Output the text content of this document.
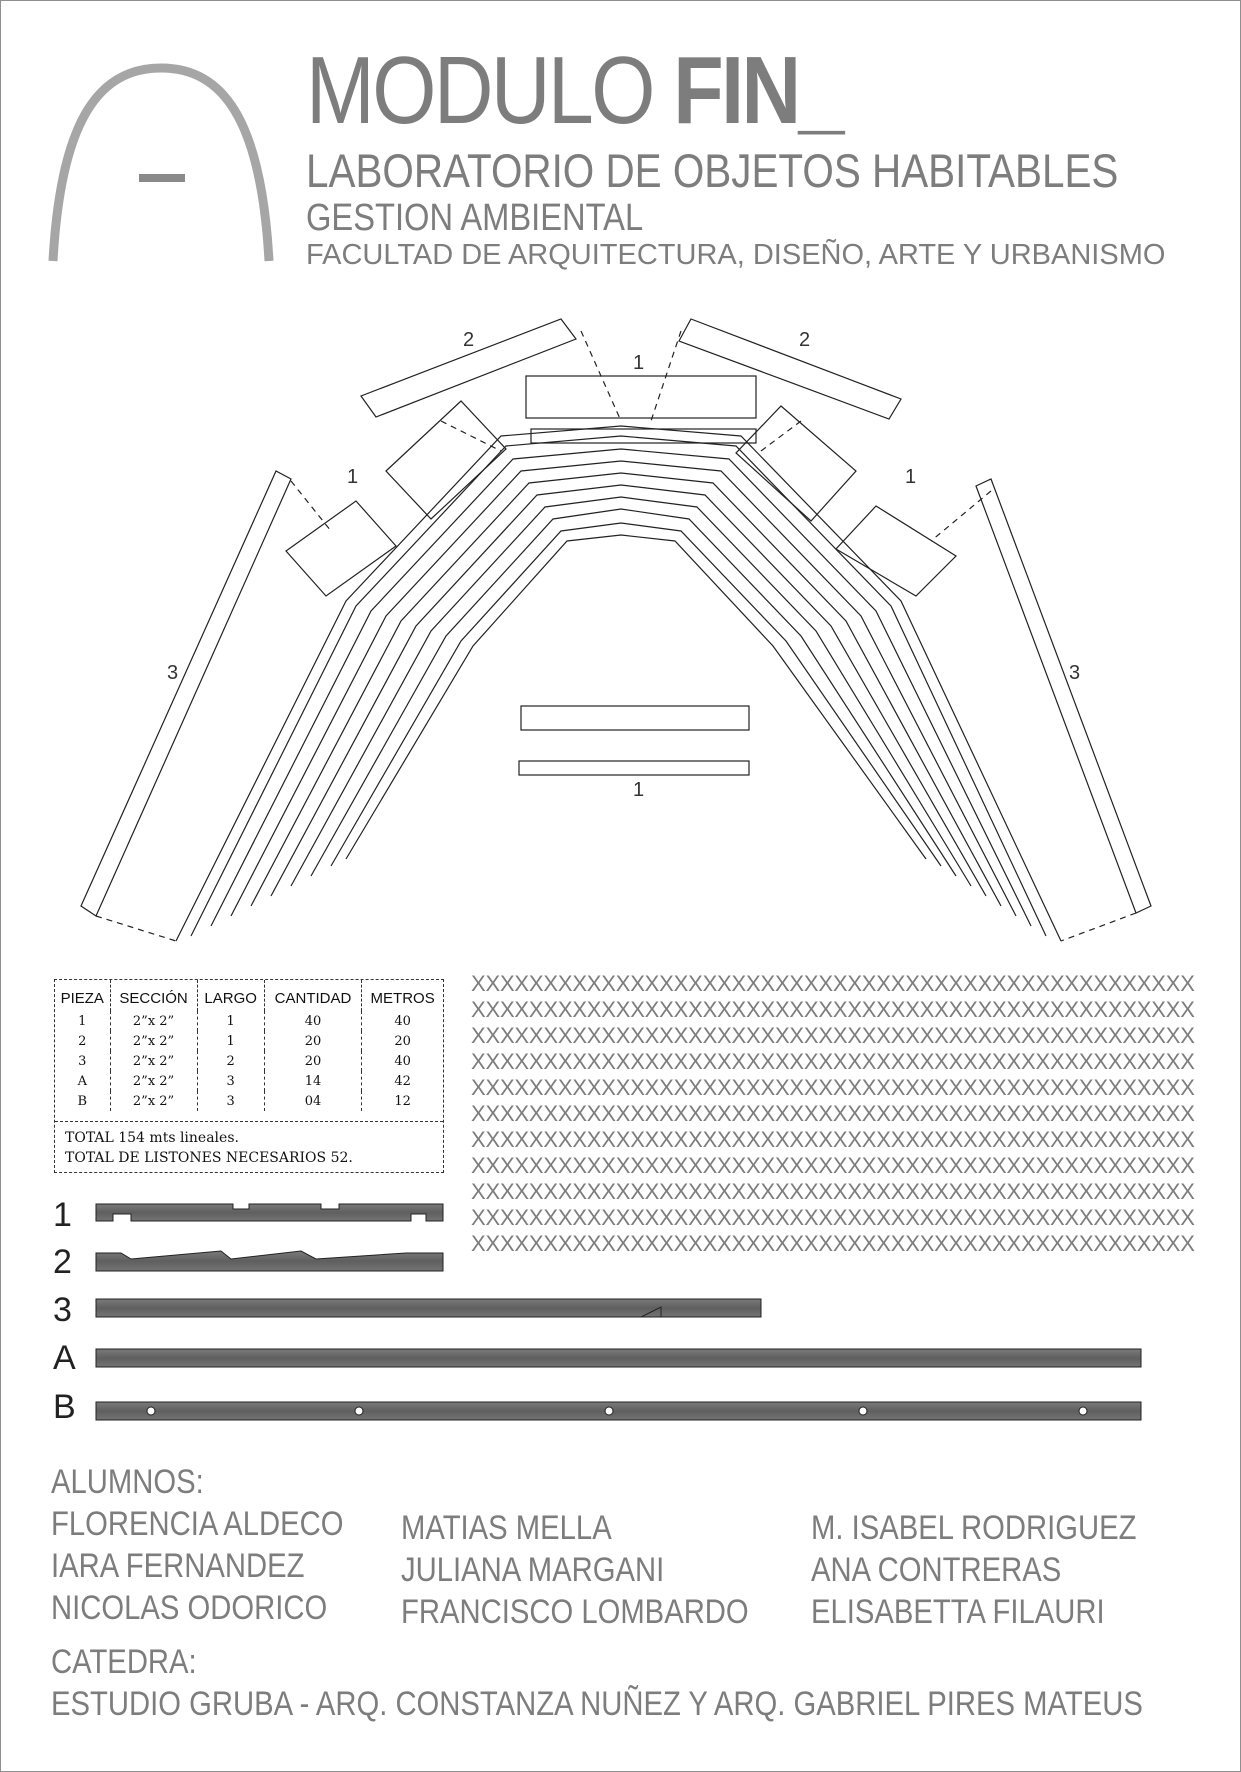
MODULO FIN_
LABORATORIO DE OBJETOS HABITABLES
GESTION AMBIENTAL
FACULTAD DE ARQUITECTURA, DISEÑO, ARTE Y URBANISMO
2
1
2
1	1
3	3
1
PIEZA	SECCIÓN	LARGO	CANTIDAD	METROS
1	2”x 2”	1	40	40
2	2”x 2”	1	20	20
3	2”x 2”	2	20	40
A	2”x 2”	3	14	42
B	2”x 2”	3	04	12
TOTAL 154 mts lineales.
TOTAL DE LISTONES NECESARIOS 52.
XXXXXXXXXXXXXXXXXXXXXXXXXXXXXXXXXXXXXXXXXXXXXXXXXX
XXXXXXXXXXXXXXXXXXXXXXXXXXXXXXXXXXXXXXXXXXXXXXXXXX
XXXXXXXXXXXXXXXXXXXXXXXXXXXXXXXXXXXXXXXXXXXXXXXXXX
XXXXXXXXXXXXXXXXXXXXXXXXXXXXXXXXXXXXXXXXXXXXXXXXXX
XXXXXXXXXXXXXXXXXXXXXXXXXXXXXXXXXXXXXXXXXXXXXXXXXX
XXXXXXXXXXXXXXXXXXXXXXXXXXXXXXXXXXXXXXXXXXXXXXXXXX
XXXXXXXXXXXXXXXXXXXXXXXXXXXXXXXXXXXXXXXXXXXXXXXXXX
XXXXXXXXXXXXXXXXXXXXXXXXXXXXXXXXXXXXXXXXXXXXXXXXXX
XXXXXXXXXXXXXXXXXXXXXXXXXXXXXXXXXXXXXXXXXXXXXXXXXX
XXXXXXXXXXXXXXXXXXXXXXXXXXXXXXXXXXXXXXXXXXXXXXXXXX
XXXXXXXXXXXXXXXXXXXXXXXXXXXXXXXXXXXXXXXXXXXXXXXXXX
1
2
3
A
B
ALUMNOS:
FLORENCIA ALDECO
IARA FERNANDEZ
NICOLAS ODORICO
MATIAS MELLA
JULIANA MARGANI
FRANCISCO LOMBARDO
M. ISABEL RODRIGUEZ
ANA CONTRERAS
ELISABETTA FILAURI
CATEDRA:
ESTUDIO GRUBA - ARQ. CONSTANZA NUÑEZ Y ARQ. GABRIEL PIRES MATEUS
